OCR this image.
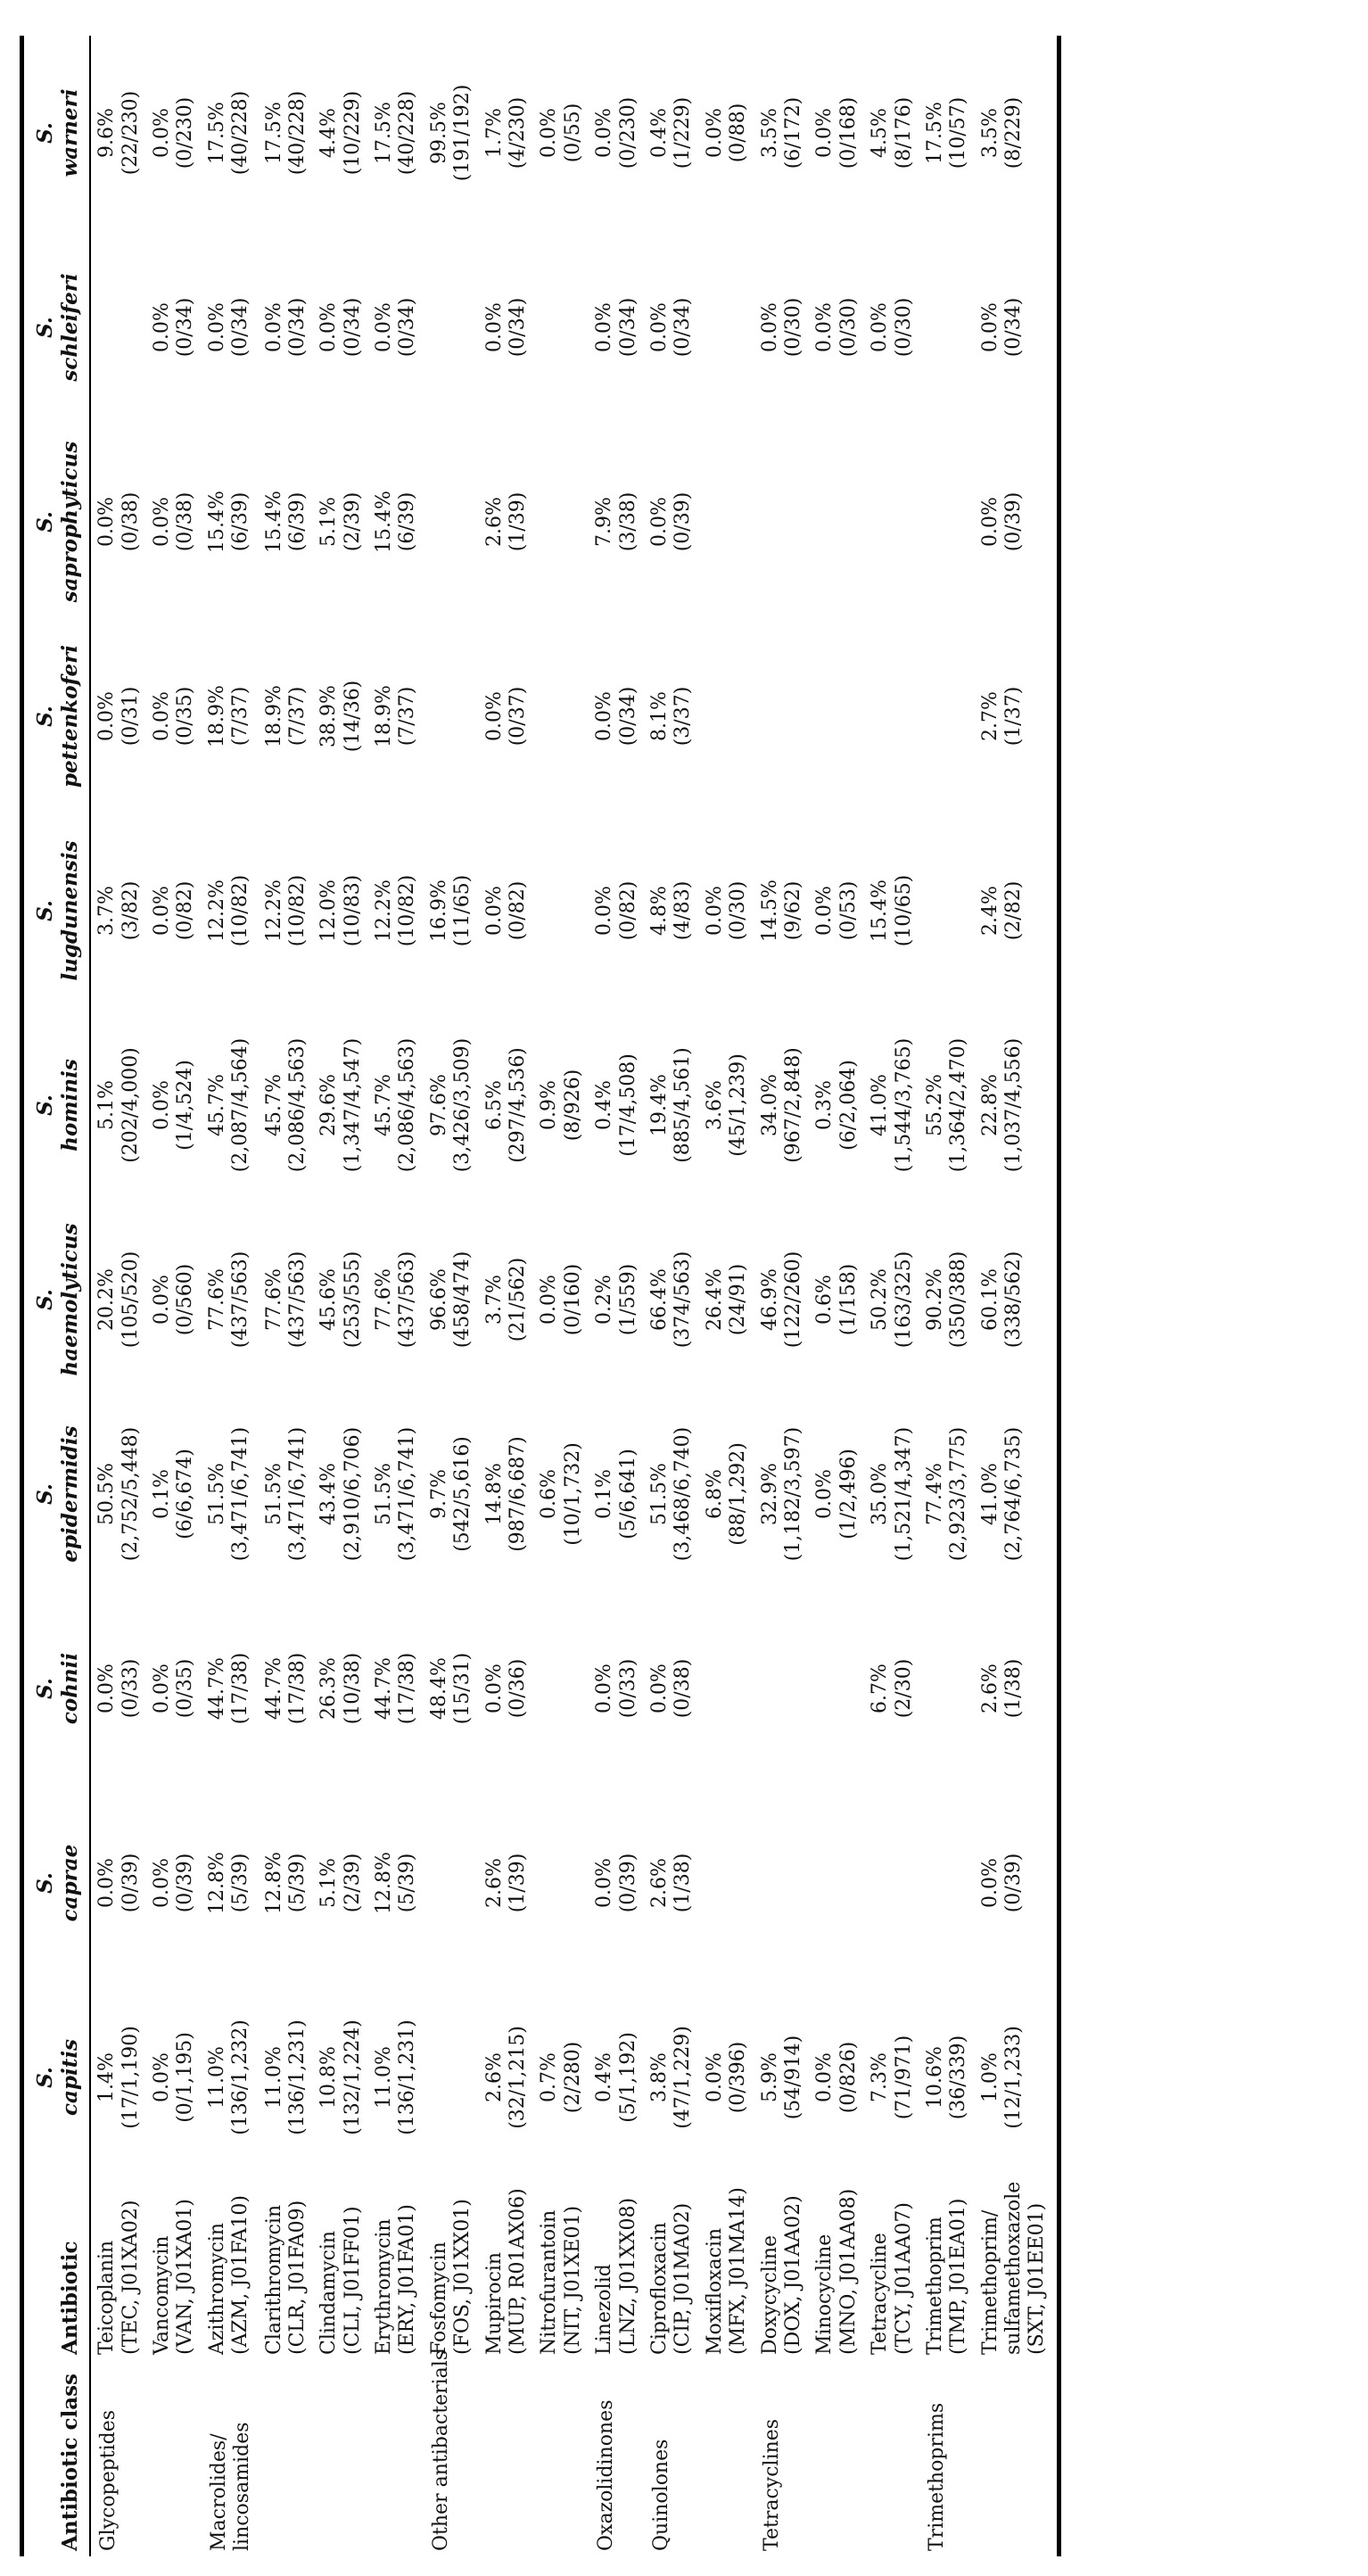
Antibiotic class	Antibiotic	S. capitis	S. caprae	S. cohnii	S. epidermidis	S. haemolyticus	S. hominis	S. lugdunensis	S. pettenkoferi	S. saprophyticus	S. schleiferi	S. warneri

Glycopeptides	Teicoplanin (TEC, J01XA02)	1.4% (17/1,190)	0.0% (0/39)	0.0% (0/33)	50.5% (2,752/5,448)	20.2% (105/520)	5.1% (202/4,000)	3.7% (3/82)	0.0% (0/31)	0.0% (0/38)		9.6% (22/230)

	Vancomycin (VAN, J01XA01)	0.0% (0/1,195)	0.0% (0/39)	0.0% (0/35)	0.1% (6/6,674)	0.0% (0/560)	0.0% (1/4,524)	0.0% (0/82)	0.0% (0/35)	0.0% (0/38)	0.0% (0/34)	0.0% (0/230)

Macrolides/ lincosamides	Azithromycin (AZM, J01FA10)	11.0% (136/1,232)	12.8% (5/39)	44.7% (17/38)	51.5% (3,471/6,741)	77.6% (437/563)	45.7% (2,087/4,564)	12.2% (10/82)	18.9% (7/37)	15.4% (6/39)	0.0% (0/34)	17.5% (40/228)

	Clarithromycin (CLR, J01FA09)	11.0% (136/1,231)	12.8% (5/39)	44.7% (17/38)	51.5% (3,471/6,741)	77.6% (437/563)	45.7% (2,086/4,563)	12.2% (10/82)	18.9% (7/37)	15.4% (6/39)	0.0% (0/34)	17.5% (40/228)

	Clindamycin (CLI, J01FF01)	10.8% (132/1,224)	5.1% (2/39)	26.3% (10/38)	43.4% (2,910/6,706)	45.6% (253/555)	29.6% (1,347/4,547)	12.0% (10/83)	38.9% (14/36)	5.1% (2/39)	0.0% (0/34)	4.4% (10/229)

	Erythromycin (ERY, J01FA01)	11.0% (136/1,231)	12.8% (5/39)	44.7% (17/38)	51.5% (3,471/6,741)	77.6% (437/563)	45.7% (2,086/4,563)	12.2% (10/82)	18.9% (7/37)	15.4% (6/39)	0.0% (0/34)	17.5% (40/228)

Other antibacterials	Fosfomycin (FOS, J01XX01)			48.4% (15/31)	9.7% (542/5,616)	96.6% (458/474)	97.6% (3,426/3,509)	16.9% (11/65)				99.5% (191/192)

	Mupirocin (MUP, R01AX06)	2.6% (32/1,215)	2.6% (1/39)	0.0% (0/36)	14.8% (987/6,687)	3.7% (21/562)	6.5% (297/4,536)	0.0% (0/82)	0.0% (0/37)	2.6% (1/39)	0.0% (0/34)	1.7% (4/230)

	Nitrofurantoin (NIT, J01XE01)	0.7% (2/280)			0.6% (10/1,732)	0.0% (0/160)	0.9% (8/926)					0.0% (0/55)

Oxazolidinones	Linezolid (LNZ, J01XX08)	0.4% (5/1,192)	0.0% (0/39)	0.0% (0/33)	0.1% (5/6,641)	0.2% (1/559)	0.4% (17/4,508)	0.0% (0/82)	0.0% (0/34)	7.9% (3/38)	0.0% (0/34)	0.0% (0/230)

Quinolones	Ciprofloxacin (CIP, J01MA02)	3.8% (47/1,229)	2.6% (1/38)	0.0% (0/38)	51.5% (3,468/6,740)	66.4% (374/563)	19.4% (885/4,561)	4.8% (4/83)	8.1% (3/37)	0.0% (0/39)	0.0% (0/34)	0.4% (1/229)

	Moxifloxacin (MFX, J01MA14)	0.0% (0/396)			6.8% (88/1,292)	26.4% (24/91)	3.6% (45/1,239)	0.0% (0/30)				0.0% (0/88)

Tetracyclines	Doxycycline (DOX, J01AA02)	5.9% (54/914)			32.9% (1,182/3,597)	46.9% (122/260)	34.0% (967/2,848)	14.5% (9/62)			0.0% (0/30)	3.5% (6/172)

	Minocycline (MNO, J01AA08)	0.0% (0/826)			0.0% (1/2,496)	0.6% (1/158)	0.3% (6/2,064)	0.0% (0/53)			0.0% (0/30)	0.0% (0/168)

	Tetracycline (TCY, J01AA07)	7.3% (71/971)		6.7% (2/30)	35.0% (1,521/4,347)	50.2% (163/325)	41.0% (1,544/3,765)	15.4% (10/65)			0.0% (0/30)	4.5% (8/176)

Trimethoprims	Trimethoprim (TMP, J01EA01)	10.6% (36/339)			77.4% (2,923/3,775)	90.2% (350/388)	55.2% (1,364/2,470)					17.5% (10/57)

	Trimethoprim/ sulfamethoxazole (SXT, J01EE01)	1.0% (12/1,233)	0.0% (0/39)	2.6% (1/38)	41.0% (2,764/6,735)	60.1% (338/562)	22.8% (1,037/4,556)	2.4% (2/82)	2.7% (1/37)	0.0% (0/39)	0.0% (0/34)	3.5% (8/229)
